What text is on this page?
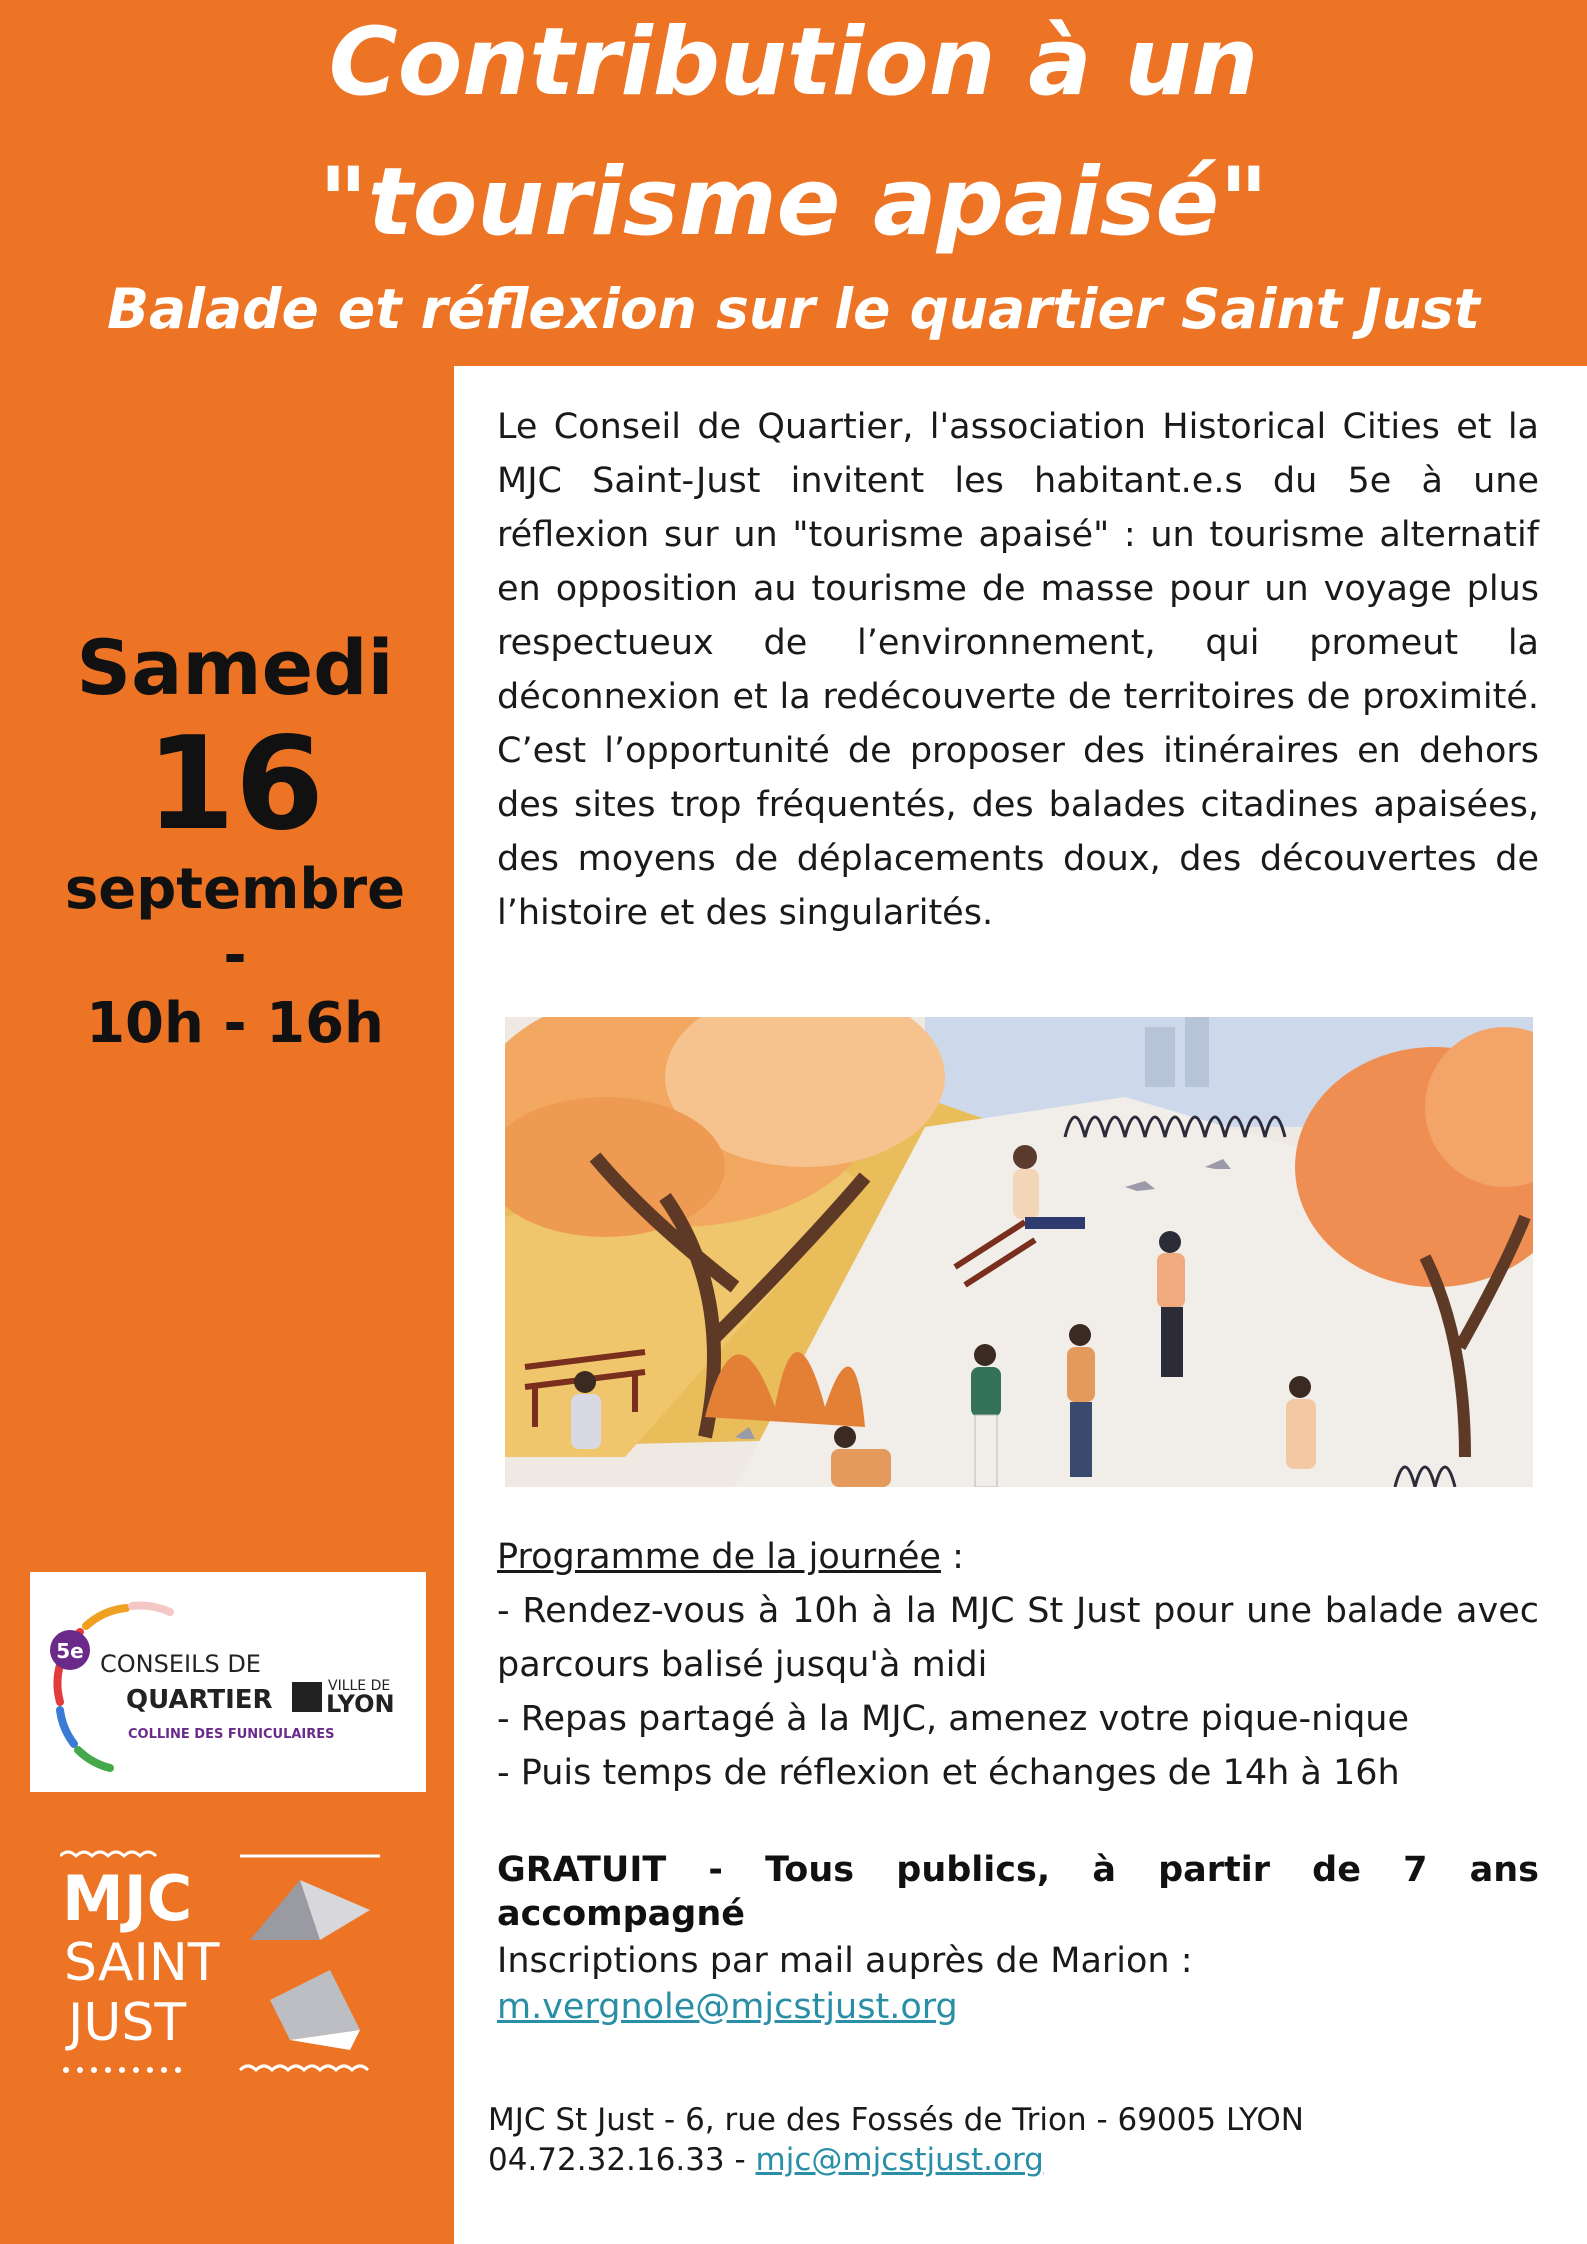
Contribution à un
"tourisme apaisé"
Balade et réflexion sur le quartier Saint Just
Samedi
16
septembre
-
10h - 16h
Le Conseil de Quartier, l'association Historical Cities et la MJC Saint-Just invitent les habitant.e.s du 5e à une réflexion sur un "tourisme apaisé" : un tourisme alternatif en opposition au tourisme de masse pour un voyage plus respectueux de l’environnement, qui promeut la déconnexion et la redécouverte de territoires de proximité. C’est l’opportunité de proposer des itinéraires en dehors des sites trop fréquentés, des balades citadines apaisées, des moyens de déplacements doux, des découvertes de l’histoire et des singularités.
Programme de la journée :
- Rendez-vous à 10h à la MJC St Just pour une balade avec parcours balisé jusqu'à midi
- Repas partagé à la MJC, amenez votre pique-nique
- Puis temps de réflexion et échanges de 14h à 16h
GRATUIT - Tous publics, à partir de 7 ans
accompagné
Inscriptions par mail auprès de Marion :
m.vergnole@mjcstjust.org
MJC St Just - 6, rue des Fossés de Trion - 69005 LYON
04.72.32.16.33 - mjc@mjcstjust.org
5e CONSEILS DE
QUARTIER
COLLINE DES FUNICULAIRES
VILLE DE
LYON
MJC
SAINT
JUST
